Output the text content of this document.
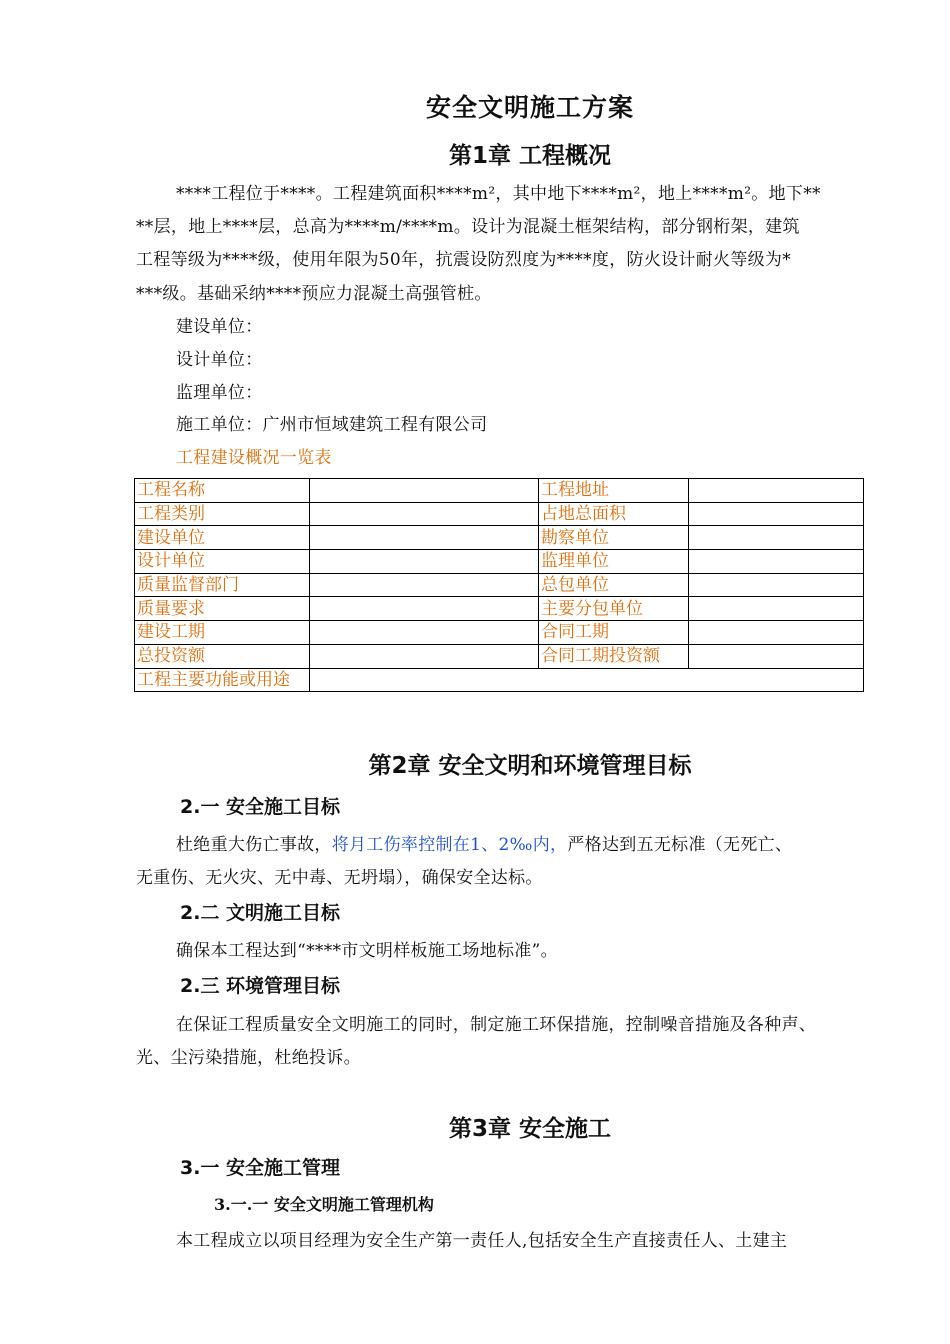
安全文明施工方案
第1章 工程概况
****工程位于****。工程建筑面积****m²，其中地下****m²，地上****m²。地下**
**层，地上****层，总高为****m/****m。设计为混凝土框架结构，部分钢桁架，建筑
工程等级为****级，使用年限为50年，抗震设防烈度为****度，防火设计耐火等级为*
***级。基础采纳****预应力混凝土高强管桩。
建设单位：
设计单位：
监理单位：
施工单位：广州市恒域建筑工程有限公司
工程建设概况一览表
工程名称		工程地址	
工程类别		占地总面积	
建设单位		勘察单位	
设计单位		监理单位	
质量监督部门		总包单位	
质量要求		主要分包单位	
建设工期		合同工期	
总投资额		合同工期投资额	
工程主要功能或用途			
第2章 安全文明和环境管理目标
2.一 安全施工目标
杜绝重大伤亡事故，将月工伤率控制在1、2‰内，严格达到五无标准（无死亡、
无重伤、无火灾、无中毒、无坍塌），确保安全达标。
2.二 文明施工目标
确保本工程达到“****市文明样板施工场地标准”。
2.三 环境管理目标
在保证工程质量安全文明施工的同时，制定施工环保措施，控制噪音措施及各种声、
光、尘污染措施，杜绝投诉。
第3章 安全施工
3.一 安全施工管理
3.一.一 安全文明施工管理机构
本工程成立以项目经理为安全生产第一责任人,包括安全生产直接责任人、土建主
